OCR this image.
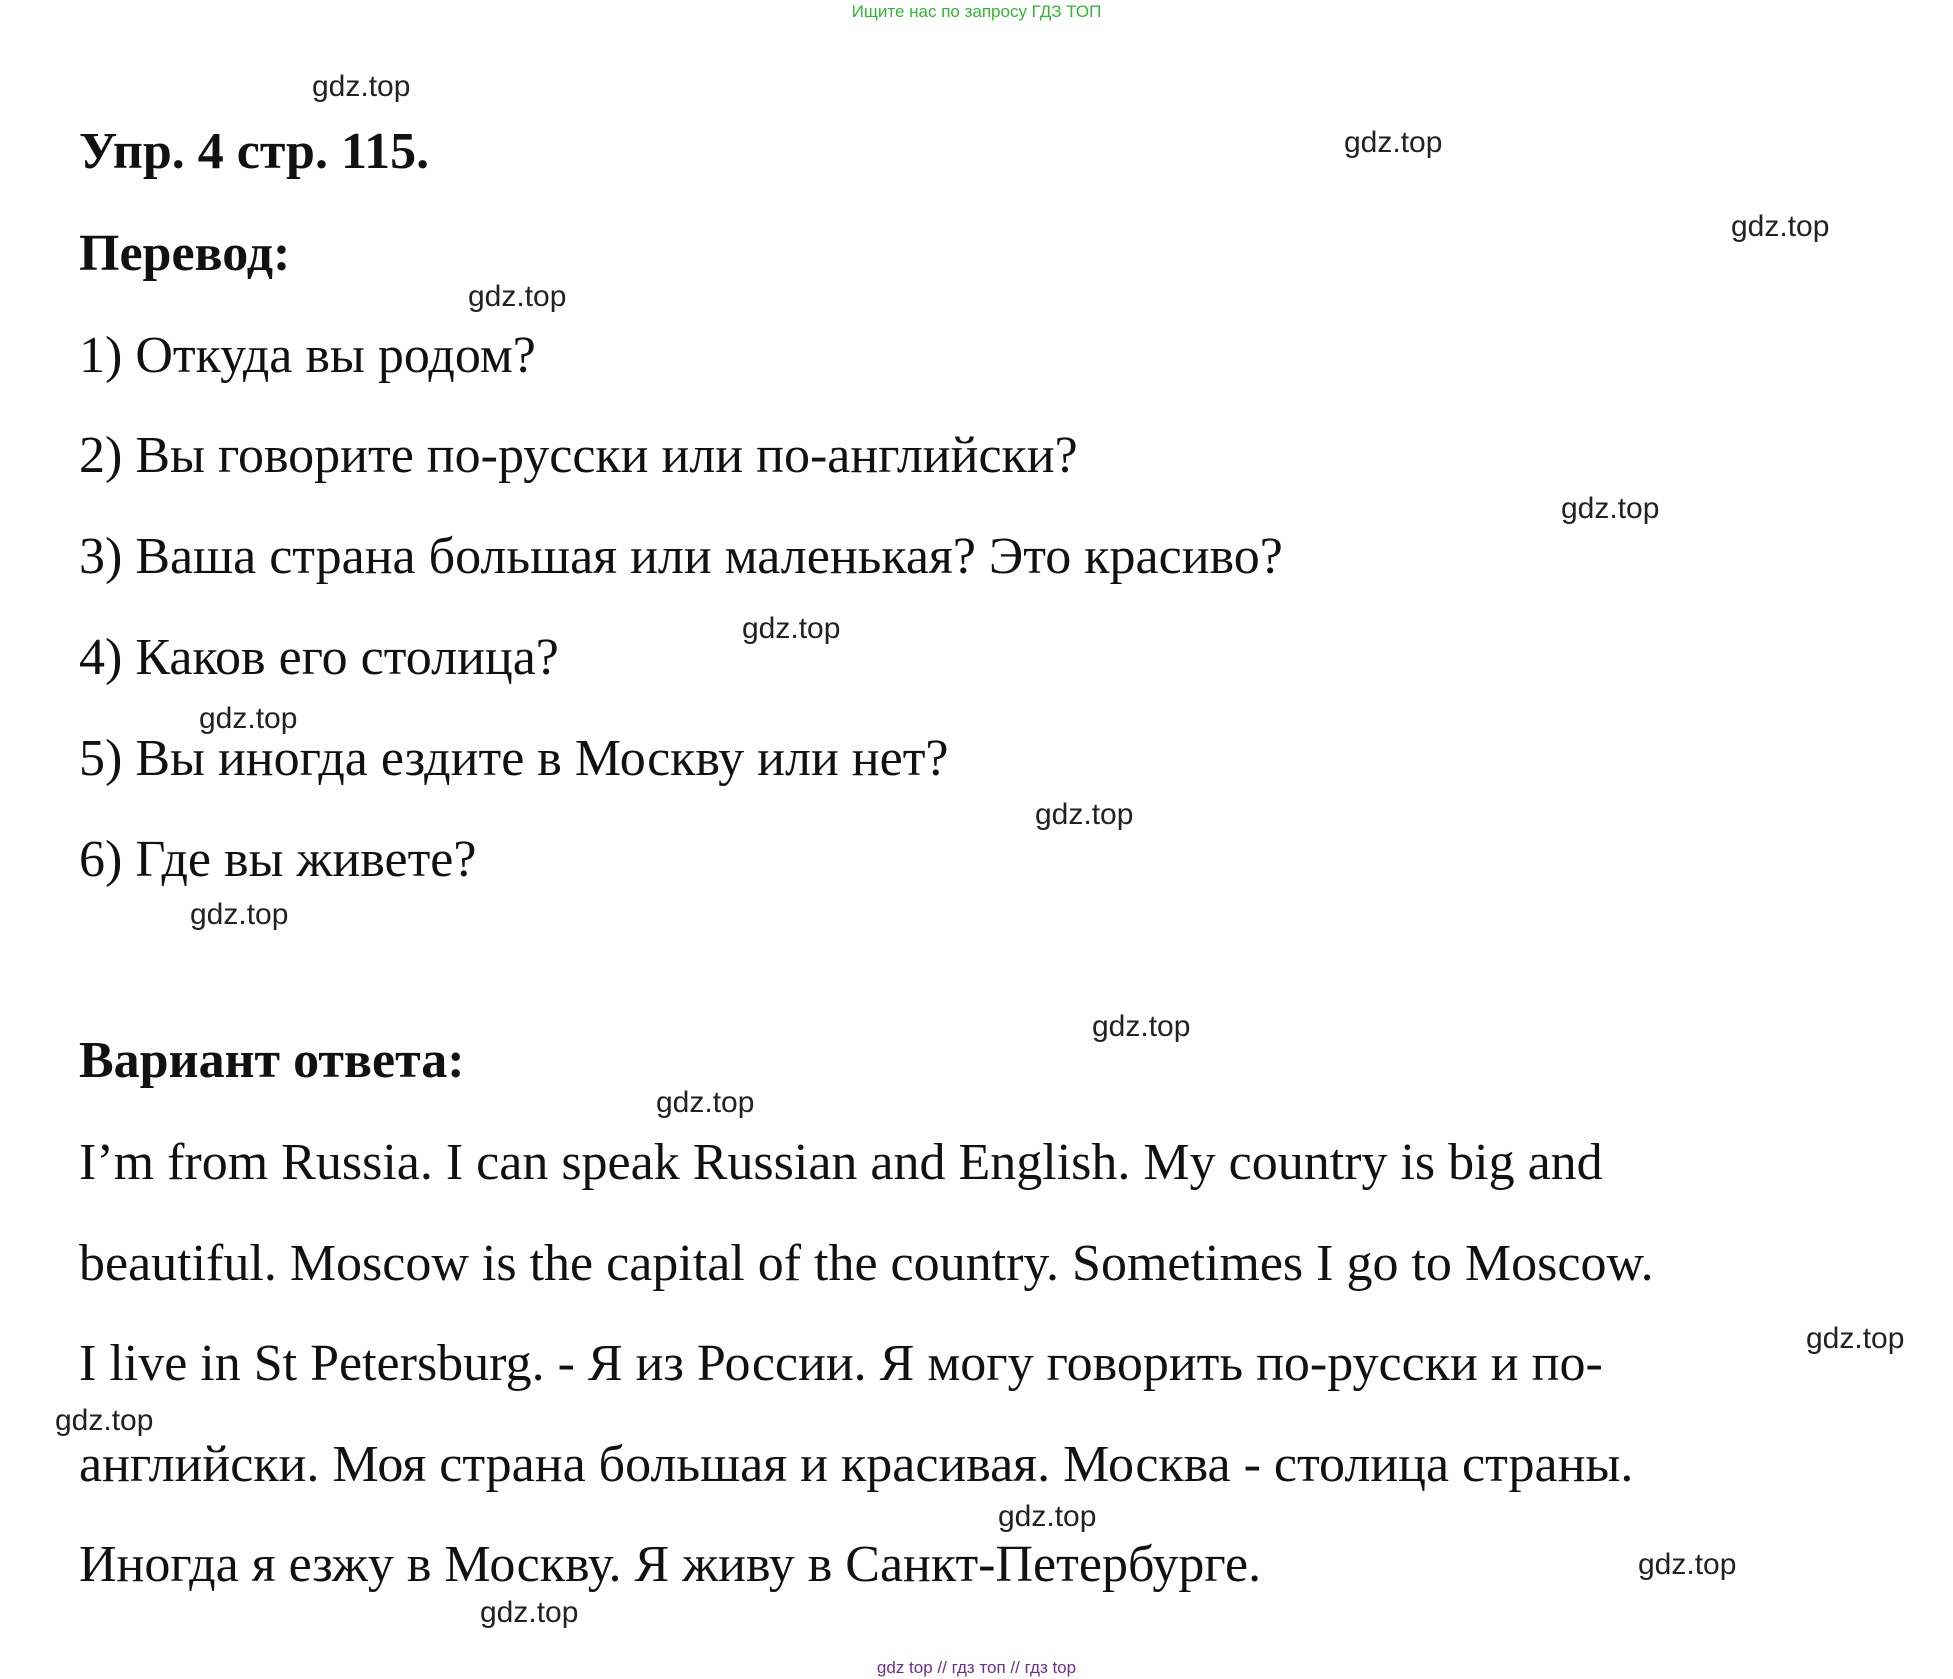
Ищите нас по запросу ГДЗ ТОП
Упр. 4 стр. 115.
Перевод:
1) Откуда вы родом?
2) Вы говорите по-русски или по-английски?
3) Ваша страна большая или маленькая? Это красиво?
4) Каков его столица?
5) Вы иногда ездите в Москву или нет?
6) Где вы живете?
Вариант ответа:
I’m from Russia. I can speak Russian and English. My country is big and
beautiful. Moscow is the capital of the country. Sometimes I go to Moscow.
I live in St Petersburg. - Я из России. Я могу говорить по-русски и по-
английски. Моя страна большая и красивая. Москва - столица страны.
Иногда я езжу в Москву. Я живу в Санкт-Петербурге.
gdz.top
gdz.top
gdz.top
gdz.top
gdz.top
gdz.top
gdz.top
gdz.top
gdz.top
gdz.top
gdz.top
gdz.top
gdz.top
gdz.top
gdz.top
gdz.top
gdz top // гдз топ // гдз top
